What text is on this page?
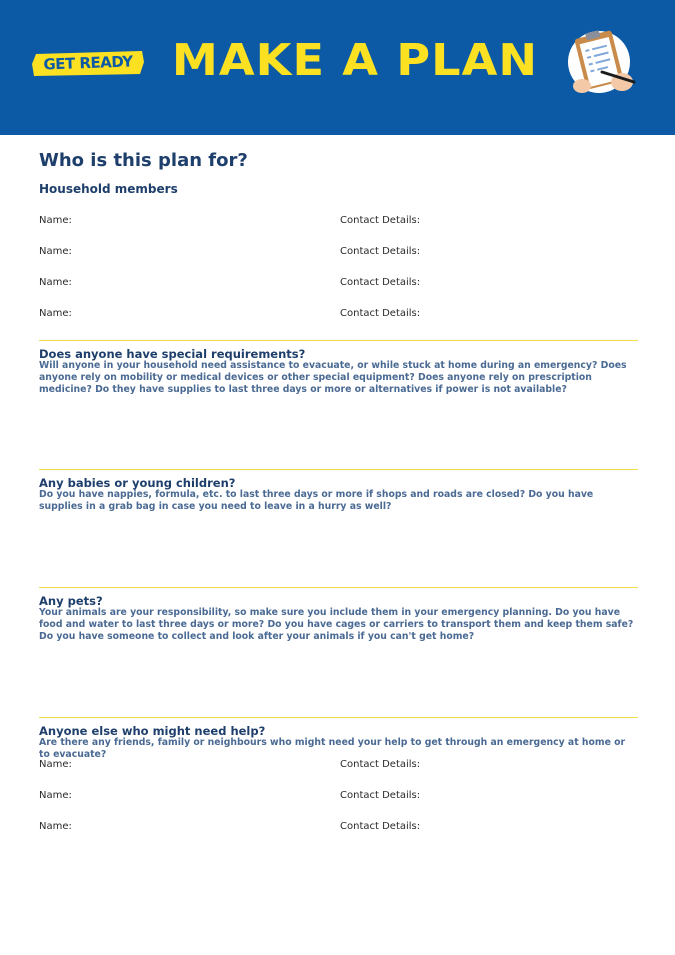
GET READY MAKE A PLAN
Who is this plan for?
Household members
Name:	Contact Details:
Name:	Contact Details:
Name:	Contact Details:
Name:	Contact Details:
Does anyone have special requirements?
Will anyone in your household need assistance to evacuate, or while stuck at home during an emergency? Does anyone rely on mobility or medical devices or other special equipment? Does anyone rely on prescription medicine? Do they have supplies to last three days or more or alternatives if power is not available?
Any babies or young children?
Do you have nappies, formula, etc. to last three days or more if shops and roads are closed? Do you have supplies in a grab bag in case you need to leave in a hurry as well?
Any pets?
Your animals are your responsibility, so make sure you include them in your emergency planning. Do you have food and water to last three days or more? Do you have cages or carriers to transport them and keep them safe? Do you have someone to collect and look after your animals if you can't get home?
Anyone else who might need help?
Are there any friends, family or neighbours who might need your help to get through an emergency at home or to evacuate?
Name:	Contact Details:
Name:	Contact Details:
Name:	Contact Details:
